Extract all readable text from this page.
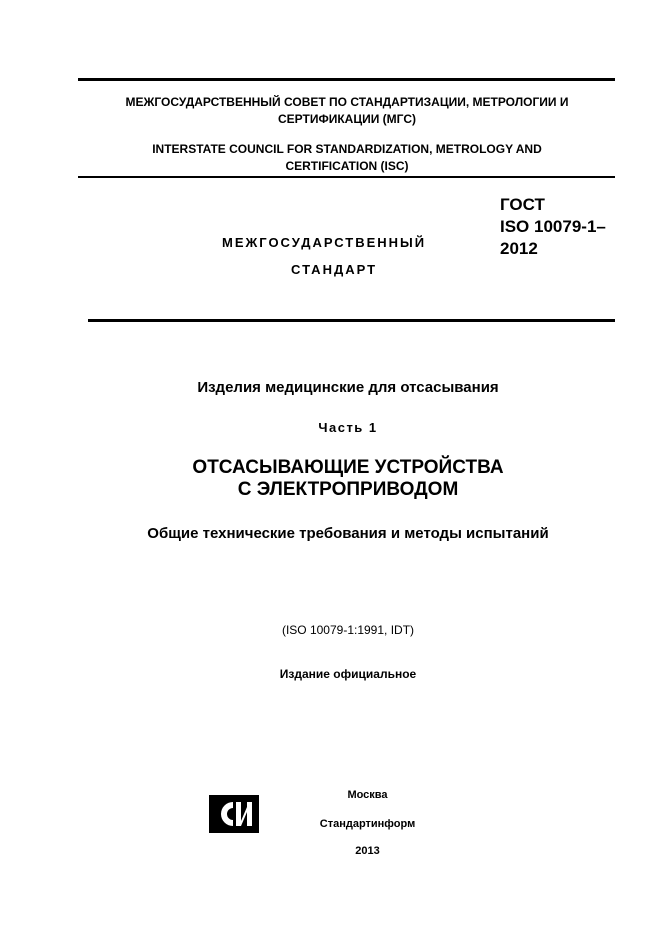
МЕЖГОСУДАРСТВЕННЫЙ СОВЕТ ПО СТАНДАРТИЗАЦИИ, МЕТРОЛОГИИ И
СЕРТИФИКАЦИИ (МГС)
INTERSTATE COUNCIL FOR STANDARDIZATION, METROLOGY AND
CERTIFICATION (ISC)
МЕЖГОСУДАРСТВЕННЫЙ
СТАНДАРТ
ГОСТ
ISO 10079-1–
2012
Изделия медицинские для отсасывания
Часть 1
ОТСАСЫВАЮЩИЕ УСТРОЙСТВА
С ЭЛЕКТРОПРИВОДОМ
Общие технические требования и методы испытаний
(ISO 10079-1:1991, IDT)
Издание официальное
Москва
Стандартинформ
2013
